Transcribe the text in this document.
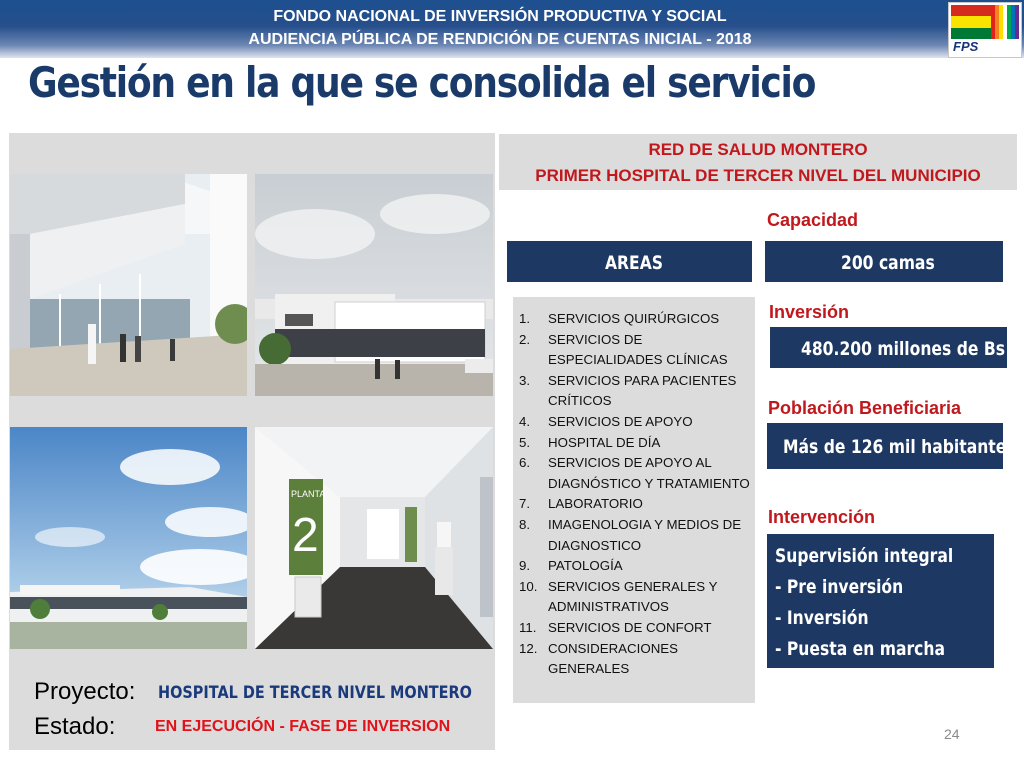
FONDO NACIONAL DE INVERSIÓN PRODUCTIVA Y SOCIAL
AUDIENCIA PÚBLICA DE RENDICIÓN DE CUENTAS INICIAL - 2018	FPS
Gestión en la que se consolida el servicio
PLANTA
2
Proyecto: HOSPITAL DE TERCER NIVEL MONTERO
Estado: EN EJECUCIÓN - FASE DE INVERSION
RED DE SALUD MONTERO
PRIMER HOSPITAL DE TERCER NIVEL DEL MUNICIPIO
Capacidad
AREAS	200 camas
1.	SERVICIOS QUIRÚRGICOS
2.	SERVICIOS DE ESPECIALIDADES CLÍNICAS
3.	SERVICIOS PARA PACIENTES CRÍTICOS
4.	SERVICIOS DE APOYO
5.	HOSPITAL DE DÍA
6.	SERVICIOS DE APOYO AL DIAGNÓSTICO Y TRATAMIENTO
7.	LABORATORIO
8.	IMAGENOLOGIA Y MEDIOS DE DIAGNOSTICO
9.	PATOLOGÍA
10. SERVICIOS GENERALES Y ADMINISTRATIVOS
11. SERVICIOS DE CONFORT
12. CONSIDERACIONES GENERALES
Inversión
480.200 millones de Bs
Población Beneficiaria
Más de 126 mil habitantes
Intervención
Supervisión integral
- Pre inversión
- Inversión
- Puesta en marcha
24
